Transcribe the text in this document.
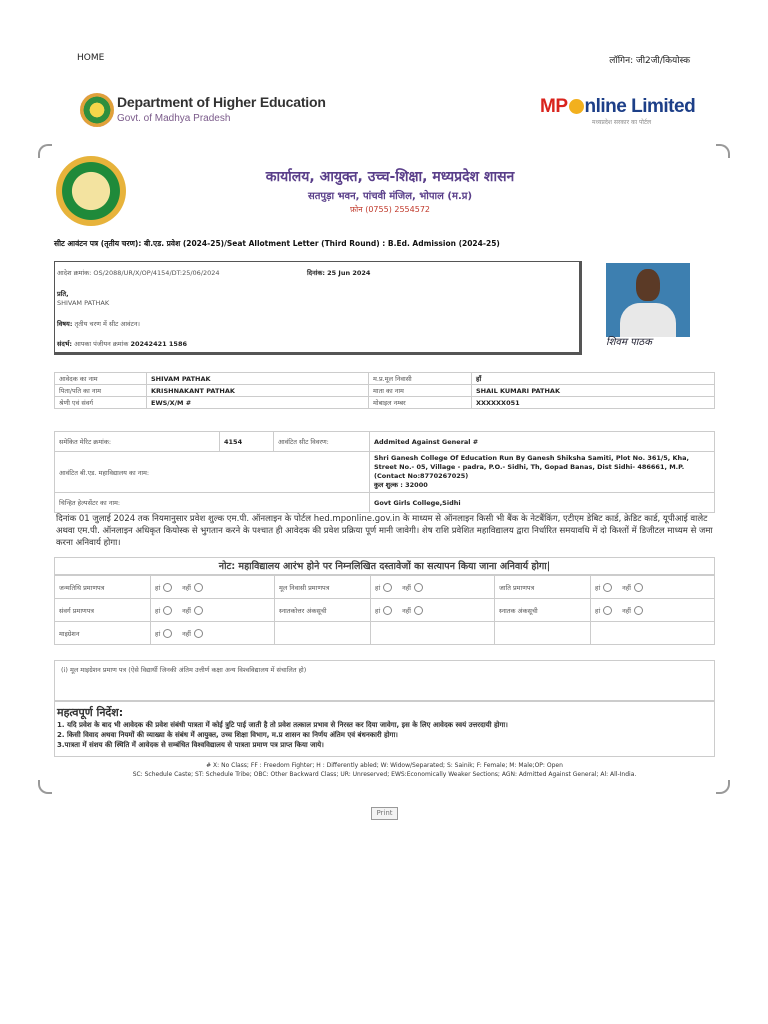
HOME	लॉगिन: जी2जी/कियोस्क
Department of Higher Education
Govt. of Madhya Pradesh
MP nline Limited
मध्यप्रदेश सरकार का पोर्टल
कार्यालय, आयुक्त, उच्च-शिक्षा, मध्यप्रदेश शासन
सतपुड़ा भवन, पांचवी मंजिल, भोपाल (म.प्र)
फ़ोन (0755) 2554572
सीट आवंटन पत्र (तृतीय चरण): बी.एड. प्रवेश (2024-25)/Seat Allotment Letter (Third Round) : B.Ed. Admission (2024-25)
आदेश क्रमांक: OS/2088/UR/X/OP/4154/DT:25/06/2024	दिनांक: 25 Jun 2024
प्रति,
SHIVAM PATHAK
विषय: तृतीय चरण में सीट आवंटन।
संदर्भ: आपका पंजीयन क्रमांक 20242421 1586	शिवम पाठक
आवेदक का नाम	SHIVAM PATHAK	म.प्र.मूल निवासी	हाँ
पिता/पति का नाम	KRISHNAKANT PATHAK	माता का नाम	SHAIL KUMARI PATHAK
श्रेणी एवं संवर्ग	EWS/X/M #	मोबाइल नम्बर	XXXXXX051
समेकित मेरिट क्रमांक:	4154	आवंटित सीट विवरण:	Addmited Against General #
आवंटित बी.एड. महाविद्यालय का नाम:			Shri Ganesh College Of Education Run By Ganesh Shiksha Samiti, Plot No. 361/5, Kha, Street No.- 05, Village - padra, P.O.- Sidhi, Th, Gopad Banas, Dist Sidhi- 486661, M.P. (Contact No:8770267025)
कुल शुल्क : 32000
चिन्हित हेल्पसेंटर का नाम:			Govt Girls College,Sidhi
दिनांक 01 जुलाई 2024 तक नियमानुसार प्रवेश शुल्क एम.पी. ऑनलाइन के पोर्टल hed.mponline.gov.in के माध्यम से ऑनलाइन किसी भी बैंक के नेटबैंकिंग, एटीएम डेबिट कार्ड, क्रेडिट कार्ड, यूपीआई वालेट अथवा एम.पी. ऑनलाइन अधिकृत कियोस्क से भुगतान करने के पश्चात ही आवेदक की प्रवेश प्रक्रिया पूर्ण मानी जावेगी। शेष राशि प्रवेशित महाविद्यालय द्वारा निर्धारित समयावधि में दो किश्तों में डिजीटल माध्यम से जमा करना अनिवार्य होगा।
नोट: महाविद्यालय आरंभ होने पर निम्नलिखित दस्तावेजों का सत्यापन किया जाना अनिवार्य होगा|
जन्मतिथि प्रमाणपत्र	हां नहीं	मूल निवासी प्रमाणपत्र	हां नहीं	जाति प्रमाणपत्र	हां नहीं
संवर्ग प्रमाणपत्र	हां नहीं	स्नातकोत्तर अंकसूची	हां नहीं	स्नातक अंकसूची	हां नहीं
माइग्रेशन	हां नहीं				
(i) मूल माइग्रेशन प्रमाण पत्र (ऐसे विद्यार्थी जिनकी अंतिम उत्तीर्ण कक्षा अन्य विश्वविद्यालय में संचालित हो)
महत्वपूर्ण निर्देश:
1. यदि प्रवेश के बाद भी आवेदक की प्रवेश संबंधी पात्रता में कोई त्रुटि पाई जाती है तो प्रवेश तत्काल प्रभाव से निरस्त कर दिया जावेगा, इस के लिए आवेदक स्वयं उत्तरदायी होगा।
2. किसी विवाद अथवा नियमों की व्याख्या के संबंध में आयुक्त, उच्च शिक्षा विभाग, म.प्र शासन का निर्णय अंतिम एवं बंधनकारी होगा।
3.पात्रता में संशय की स्थिति में आवेदक से सम्बंधित विश्वविद्यालय से पात्रता प्रमाण पत्र प्राप्त किया जाये।
# X: No Class; FF : Freedom Fighter; H : Differently abled; W: Widow/Separated; S: Sainik; F: Female; M: Male;OP: Open
SC: Schedule Caste; ST: Schedule Tribe; OBC: Other Backward Class; UR: Unreserved; EWS:Economically Weaker Sections; AGN: Admitted Against General; Al: All-India.
Print
